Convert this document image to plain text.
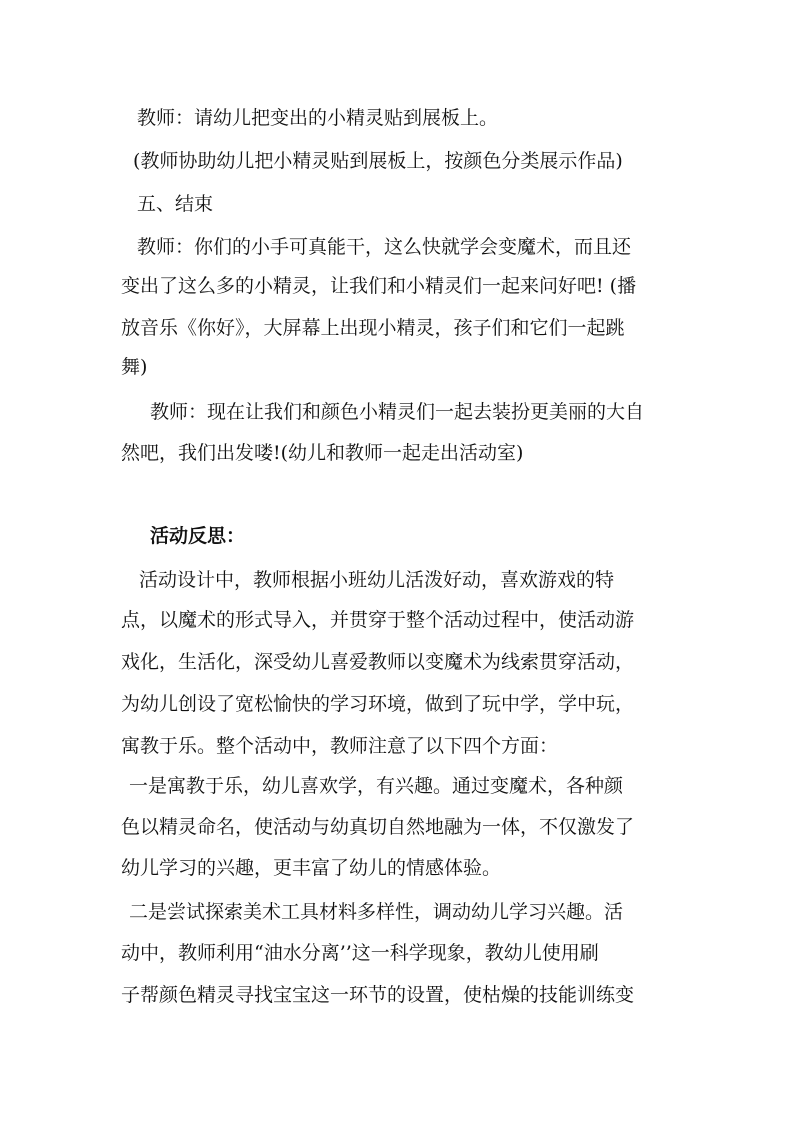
教师：请幼儿把变出的小精灵贴到展板上。

(教师协助幼儿把小精灵贴到展板上，按颜色分类展示作品)

五、结束

教师：你们的小手可真能干，这么快就学会变魔术，而且还

变出了这么多的小精灵，让我们和小精灵们一起来问好吧! (播

放音乐《你好》，大屏幕上出现小精灵，孩子们和它们一起跳

舞)

教师：现在让我们和颜色小精灵们一起去装扮更美丽的大自

然吧，我们出发喽!(幼儿和教师一起走出活动室)

活动反思：

活动设计中，教师根据小班幼儿活泼好动，喜欢游戏的特

点，以魔术的形式导入，并贯穿于整个活动过程中，使活动游

戏化，生活化，深受幼儿喜爱教师以变魔术为线索贯穿活动，

为幼儿创设了宽松愉快的学习环境，做到了玩中学，学中玩，

寓教于乐。整个活动中，教师注意了以下四个方面：

一是寓教于乐，幼儿喜欢学，有兴趣。通过变魔术，各种颜

色以精灵命名，使活动与幼真切自然地融为一体，不仅激发了

幼儿学习的兴趣，更丰富了幼儿的情感体验。

二是尝试探索美术工具材料多样性，调动幼儿学习兴趣。活

动中，教师利用“油水分离’’这一科学现象，教幼儿使用刷

子帮颜色精灵寻找宝宝这一环节的设置，使枯燥的技能训练变
